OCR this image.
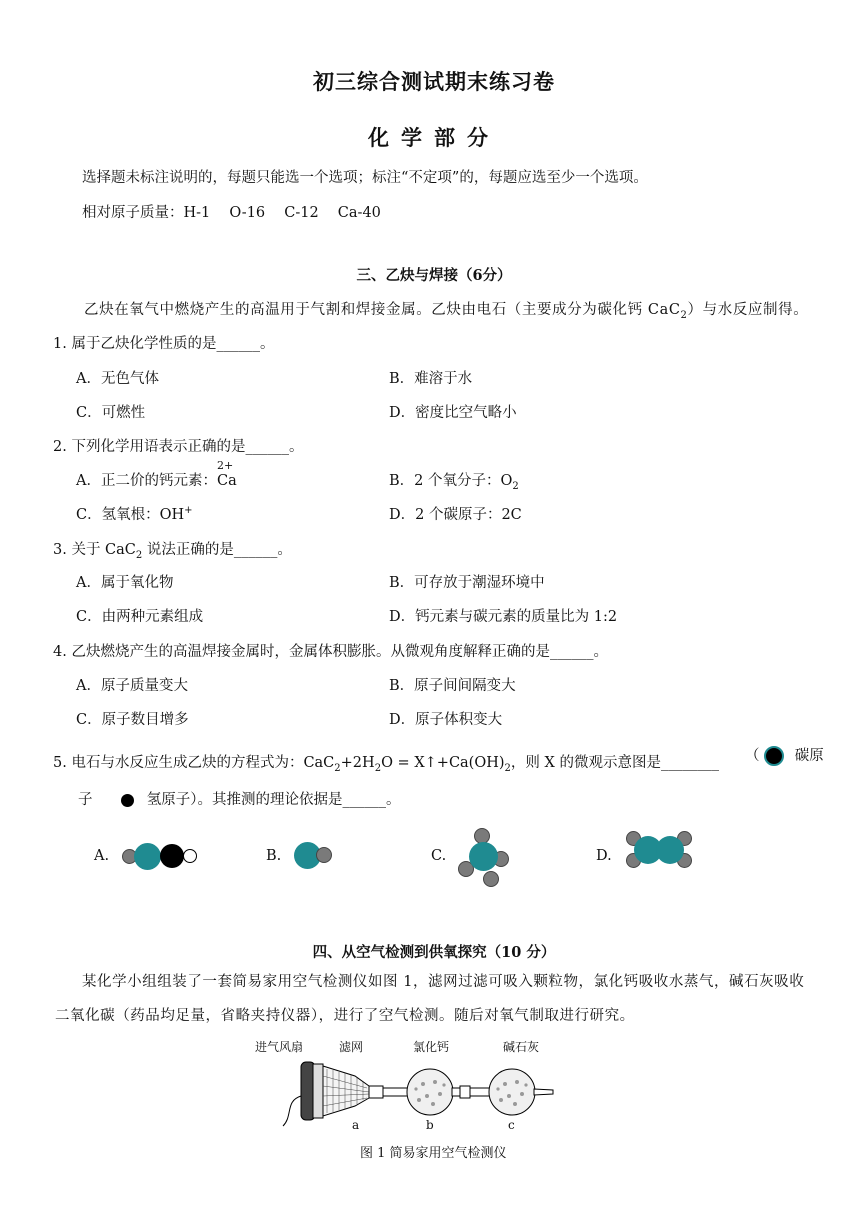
初三综合测试期末练习卷
化学部分
选择题未标注说明的，每题只能选一个选项；标注“不定项”的，每题应选至少一个选项。
相对原子质量：H-1　 O-16　 C-12　 Ca-40
三、乙炔与焊接（6分）
乙炔在氧气中燃烧产生的高温用于气割和焊接金属。乙炔由电石（主要成分为碳化钙 CaC$_2$）与水反应制得。
1. 属于乙炔化学性质的是______。
A．无色气体	B．难溶于水
C．可燃性	D．密度比空气略小
2. 下列化学用语表示正确的是______。
A．正二价的钙元素：
2+
Ca	B．2 个氧分子：$O_2$
C．氢氧根：OH+	D．2 个碳原子：2C
3. 关于 CaC$_2$ 说法正确的是______。
A．属于氧化物	B．可存放于潮湿环境中
C．由两种元素组成	D．钙元素与碳元素的质量比为 1:2
4. 乙炔燃烧产生的高温焊接金属时，金属体积膨胀。从微观角度解释正确的是______。
A．原子质量变大	B．原子间间隔变大
C．原子数目增多	D．原子体积变大
5. 电石与水反应生成乙炔的方程式为：$CaC_2+2H_2O$ = $X↑+Ca(OH)_2$，则 X 的微观示意图是________ （ 碳原
子	氢原子）。其推测的理论依据是______。
A.	B.	C.	D.
四、从空气检测到供氧探究（10 分）
某化学小组组装了一套简易家用空气检测仪如图 1，滤网过滤可吸入颗粒物，氯化钙吸收水蒸气，碱石灰吸收
二氧化碳（药品均足量，省略夹持仪器），进行了空气检测。随后对氧气制取进行研究。
进气风扇	滤网	氯化钙	碱石灰
a	b	c
图 1 简易家用空气检测仪
